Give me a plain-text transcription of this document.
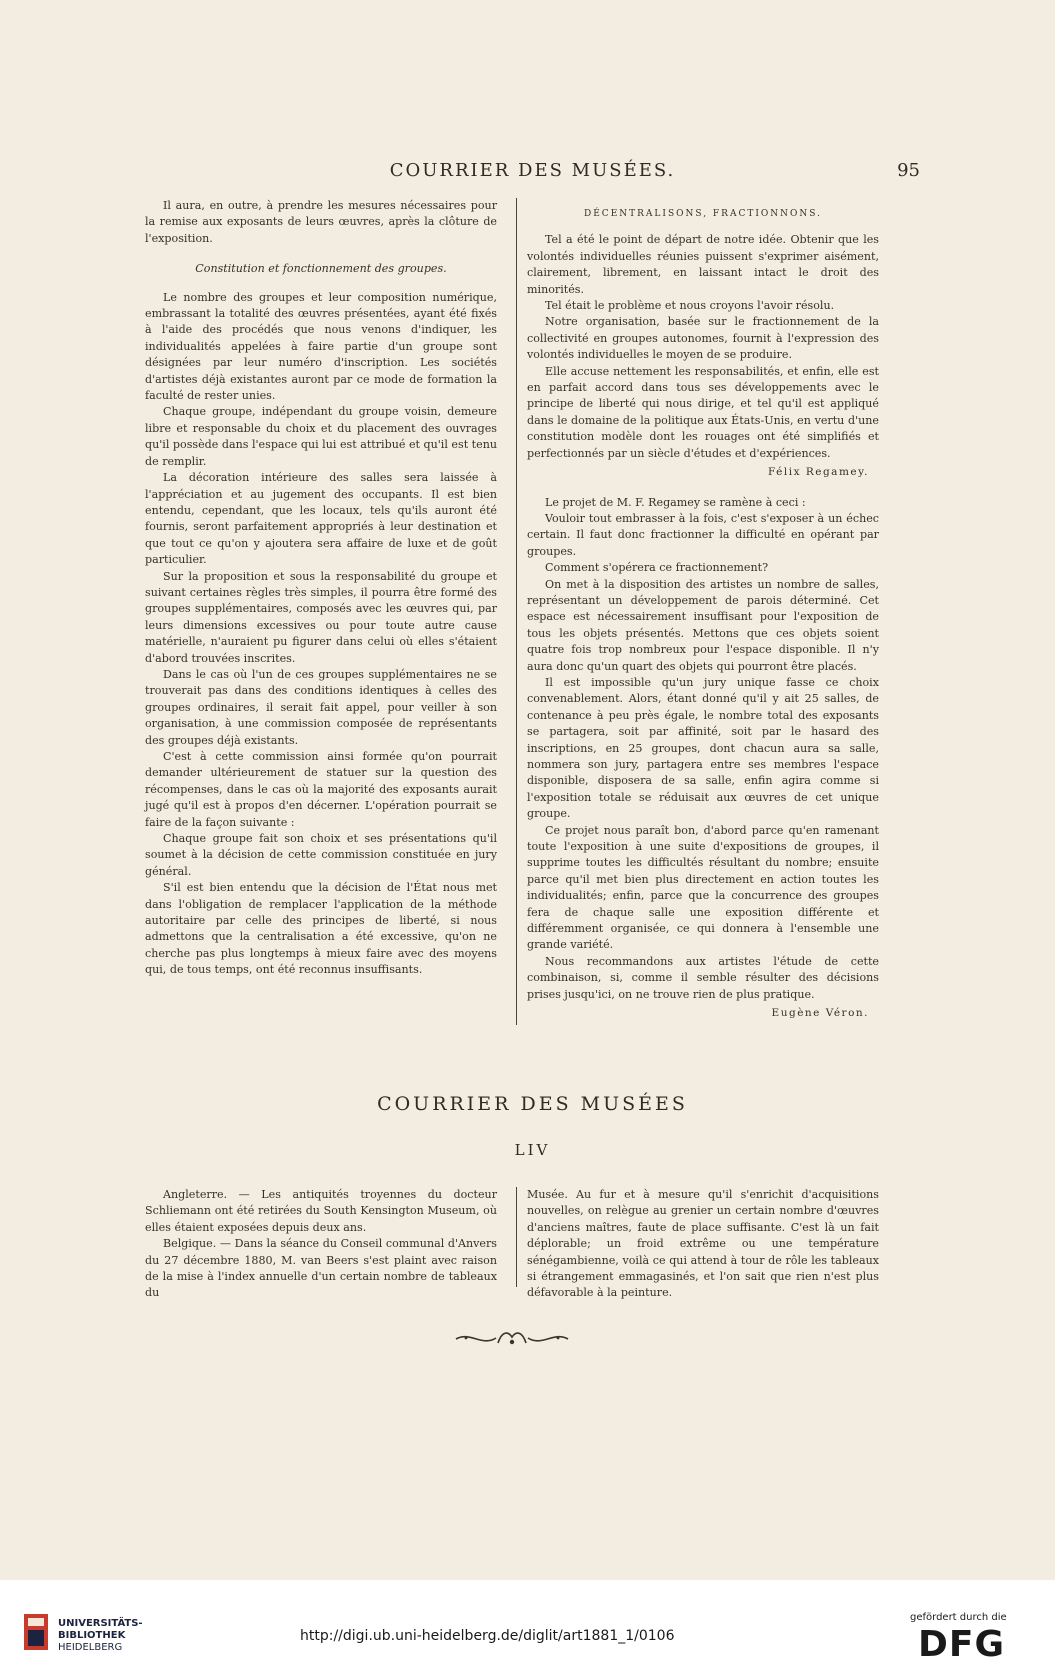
COURRIER DES MUSÉES.	95

Il aura, en outre, à prendre les mesures nécessaires pour la remise aux exposants de leurs œuvres, après la clôture de l'exposition.

Constitution et fonctionnement des groupes.

Le nombre des groupes et leur composition numérique, embrassant la totalité des œuvres présentées, ayant été fixés à l'aide des procédés que nous venons d'indiquer, les individualités appelées à faire partie d'un groupe sont désignées par leur numéro d'inscription. Les sociétés d'artistes déjà existantes auront par ce mode de formation la faculté de rester unies.

Chaque groupe, indépendant du groupe voisin, demeure libre et responsable du choix et du placement des ouvrages qu'il possède dans l'espace qui lui est attribué et qu'il est tenu de remplir.

La décoration intérieure des salles sera laissée à l'appréciation et au jugement des occupants. Il est bien entendu, cependant, que les locaux, tels qu'ils auront été fournis, seront parfaitement appropriés à leur destination et que tout ce qu'on y ajoutera sera affaire de luxe et de goût particulier.

Sur la proposition et sous la responsabilité du groupe et suivant certaines règles très simples, il pourra être formé des groupes supplémentaires, composés avec les œuvres qui, par leurs dimensions excessives ou pour toute autre cause matérielle, n'auraient pu figurer dans celui où elles s'étaient d'abord trouvées inscrites.

Dans le cas où l'un de ces groupes supplémentaires ne se trouverait pas dans des conditions identiques à celles des groupes ordinaires, il serait fait appel, pour veiller à son organisation, à une commission composée de représentants des groupes déjà existants.

C'est à cette commission ainsi formée qu'on pourrait demander ultérieurement de statuer sur la question des récompenses, dans le cas où la majorité des exposants aurait jugé qu'il est à propos d'en décerner. L'opération pourrait se faire de la façon suivante :

Chaque groupe fait son choix et ses présentations qu'il soumet à la décision de cette commission constituée en jury général.

S'il est bien entendu que la décision de l'État nous met dans l'obligation de remplacer l'application de la méthode autoritaire par celle des principes de liberté, si nous admettons que la centralisation a été excessive, qu'on ne cherche pas plus longtemps à mieux faire avec des moyens qui, de tous temps, ont été reconnus insuffisants.

DÉCENTRALISONS, FRACTIONNONS.

Tel a été le point de départ de notre idée. Obtenir que les volontés individuelles réunies puissent s'exprimer aisément, clairement, librement, en laissant intact le droit des minorités.

Tel était le problème et nous croyons l'avoir résolu.

Notre organisation, basée sur le fractionnement de la collectivité en groupes autonomes, fournit à l'expression des volontés individuelles le moyen de se produire.

Elle accuse nettement les responsabilités, et enfin, elle est en parfait accord dans tous ses développements avec le principe de liberté qui nous dirige, et tel qu'il est appliqué dans le domaine de la politique aux États-Unis, en vertu d'une constitution modèle dont les rouages ont été simplifiés et perfectionnés par un siècle d'études et d'expériences.

Félix Regamey.

Le projet de M. F. Regamey se ramène à ceci :

Vouloir tout embrasser à la fois, c'est s'exposer à un échec certain. Il faut donc fractionner la difficulté en opérant par groupes.

Comment s'opérera ce fractionnement?

On met à la disposition des artistes un nombre de salles, représentant un développement de parois déterminé. Cet espace est nécessairement insuffisant pour l'exposition de tous les objets présentés. Mettons que ces objets soient quatre fois trop nombreux pour l'espace disponible. Il n'y aura donc qu'un quart des objets qui pourront être placés.

Il est impossible qu'un jury unique fasse ce choix convenablement. Alors, étant donné qu'il y ait 25 salles, de contenance à peu près égale, le nombre total des exposants se partagera, soit par affinité, soit par le hasard des inscriptions, en 25 groupes, dont chacun aura sa salle, nommera son jury, partagera entre ses membres l'espace disponible, disposera de sa salle, enfin agira comme si l'exposition totale se réduisait aux œuvres de cet unique groupe.

Ce projet nous paraît bon, d'abord parce qu'en ramenant toute l'exposition à une suite d'expositions de groupes, il supprime toutes les difficultés résultant du nombre; ensuite parce qu'il met bien plus directement en action toutes les individualités; enfin, parce que la concurrence des groupes fera de chaque salle une exposition différente et différemment organisée, ce qui donnera à l'ensemble une grande variété.

Nous recommandons aux artistes l'étude de cette combinaison, si, comme il semble résulter des décisions prises jusqu'ici, on ne trouve rien de plus pratique.

Eugène Véron.

COURRIER DES MUSÉES
LIV

Angleterre. — Les antiquités troyennes du docteur Schliemann ont été retirées du South Kensington Museum, où elles étaient exposées depuis deux ans.

Belgique. — Dans la séance du Conseil communal d'Anvers du 27 décembre 1880, M. van Beers s'est plaint avec raison de la mise à l'index annuelle d'un certain nombre de tableaux du

Musée. Au fur et à mesure qu'il s'enrichit d'acquisitions nouvelles, on relègue au grenier un certain nombre d'œuvres d'anciens maîtres, faute de place suffisante. C'est là un fait déplorable; un froid extrême ou une température sénégambienne, voilà ce qui attend à tour de rôle les tableaux si étrangement emmagasinés, et l'on sait que rien n'est plus défavorable à la peinture.

UNIVERSITÄTS-
BIBLIOTHEK
HEIDELBERG
http://digi.ub.uni-heidelberg.de/diglit/art1881_1/0106
gefördert durch die
DFG
